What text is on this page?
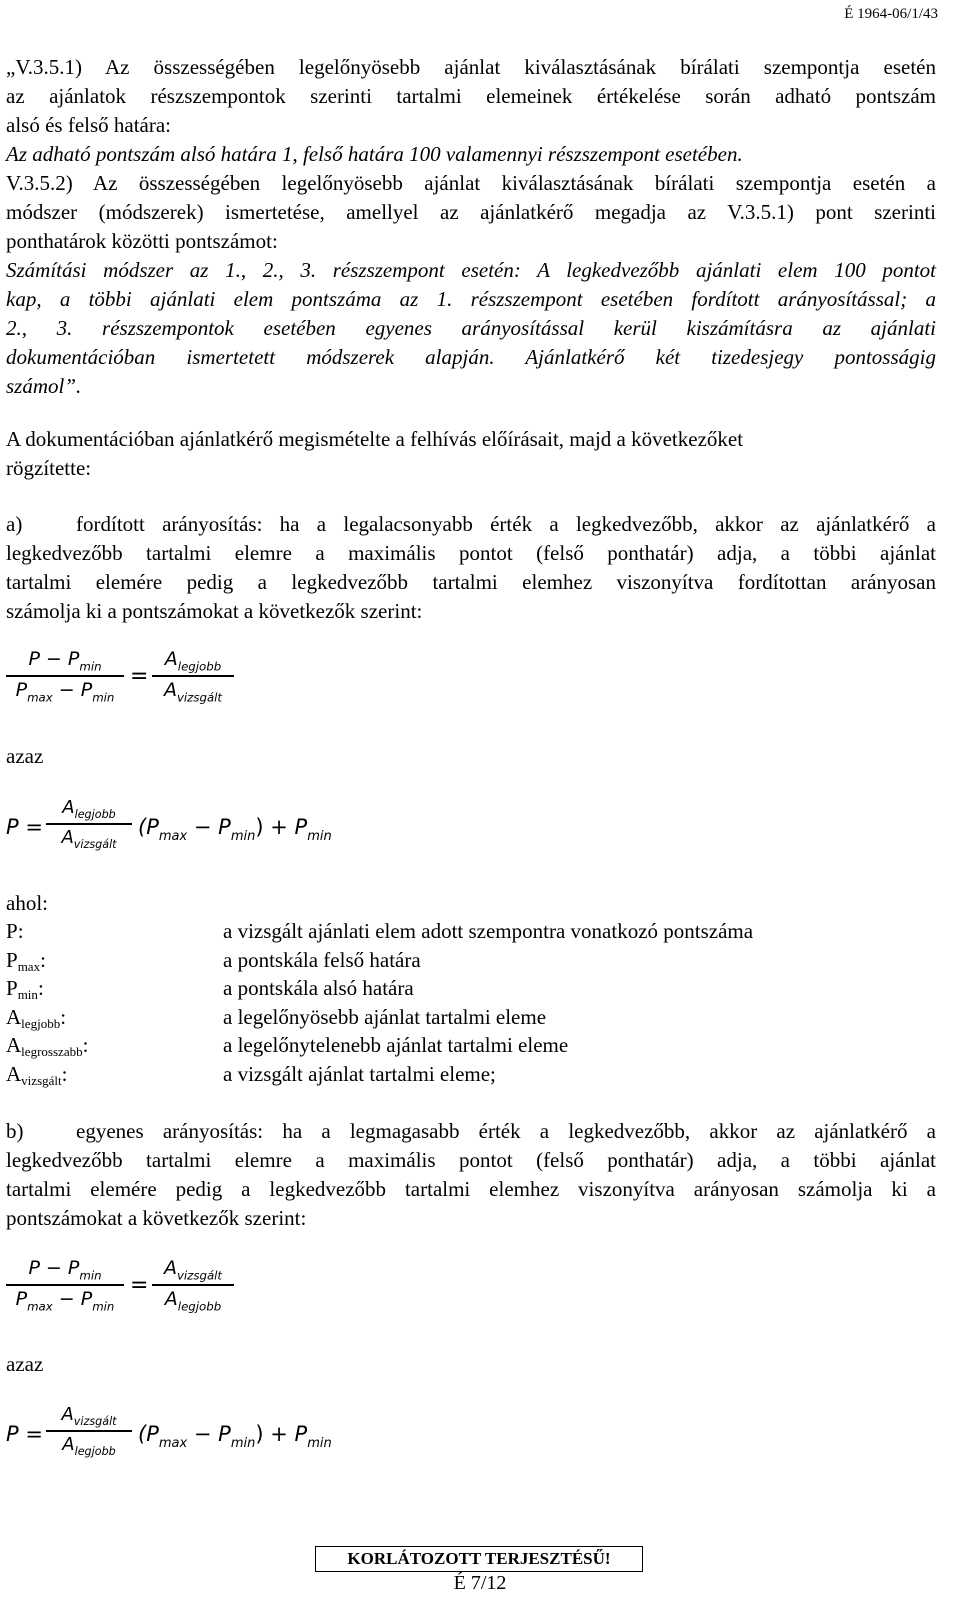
É 1964-06/1/43
„V.3.5.1) Az összességében legelőnyösebb ajánlat kiválasztásának bírálati szempontja esetén
az ajánlatok részszempontok szerinti tartalmi elemeinek értékelése során adható pontszám
alsó és felső határa:
Az adható pontszám alsó határa 1, felső határa 100 valamennyi részszempont esetében.
V.3.5.2) Az összességében legelőnyösebb ajánlat kiválasztásának bírálati szempontja esetén a
módszer (módszerek) ismertetése, amellyel az ajánlatkérő megadja az V.3.5.1) pont szerinti
ponthatárok közötti pontszámot:
Számítási módszer az 1., 2., 3. részszempont esetén: A legkedvezőbb ajánlati elem 100 pontot
kap, a többi ajánlati elem pontszáma az 1. részszempont esetében fordított arányosítással; a
2., 3. részszempontok esetében egyenes arányosítással kerül kiszámításra az ajánlati
dokumentációban ismertetett módszerek alapján. Ajánlatkérő két tizedesjegy pontosságig
számol”.
A dokumentációban ajánlatkérő megismételte a felhívás előírásait, majd a következőket
rögzítette:
a)	fordított arányosítás: ha a legalacsonyabb érték a legkedvezőbb, akkor az ajánlatkérő a
legkedvezőbb tartalmi elemre a maximális pontot (felső ponthatár) adja, a többi ajánlat
tartalmi elemére pedig a legkedvezőbb tartalmi elemhez viszonyítva fordítottan arányosan
számolja ki a pontszámokat a következők szerint:
$P - P_{min}$
$P_{max} - P_{min}$
=
$A_{legjobb}$
$A_{vizsgált}$
azaz
P =
$A_{legjobb}$
$A_{vizsgált}$
$(P_{max} - P_{min}) + P_{min}$
ahol:
P:	a vizsgált ajánlati elem adott szempontra vonatkozó pontszáma
Pmax:	a pontskála felső határa
Pmin:	a pontskála alsó határa
Alegjobb:	a legelőnyösebb ajánlat tartalmi eleme
Alegrosszabb:	a legelőnytelenebb ajánlat tartalmi eleme
Avizsgált:	a vizsgált ajánlat tartalmi eleme;
b)	egyenes arányosítás: ha a legmagasabb érték a legkedvezőbb, akkor az ajánlatkérő a
legkedvezőbb tartalmi elemre a maximális pontot (felső ponthatár) adja, a többi ajánlat
tartalmi elemére pedig a legkedvezőbb tartalmi elemhez viszonyítva arányosan számolja ki a
pontszámokat a következők szerint:
$P - P_{min}$
$P_{max} - P_{min}$
=
$A_{vizsgált}$
$A_{legjobb}$
azaz
P =
$A_{vizsgált}$
$A_{legjobb}$
$(P_{max} - P_{min}) + P_{min}$
KORLÁTOZOTT TERJESZTÉSŰ!
É 7/12
